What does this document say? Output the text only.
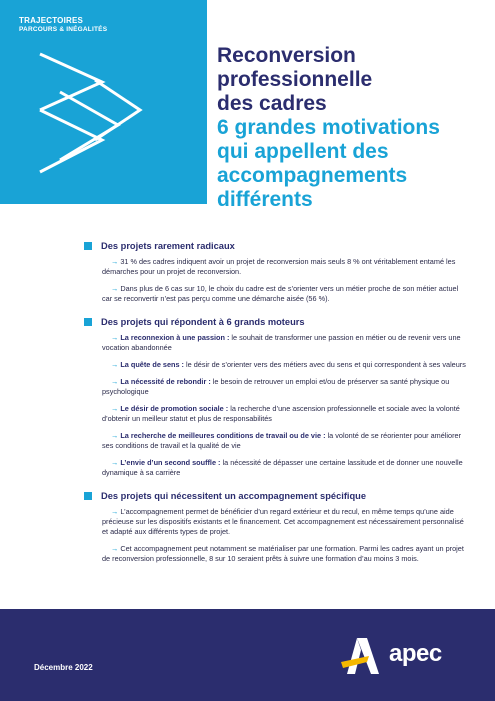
TRAJECTOIRES
PARCOURS & INÉGALITÉS
Reconversion
professionnelle
des cadres
6 grandes motivations
qui appellent des
accompagnements
différents
Des projets rarement radicaux
→ 31 % des cadres indiquent avoir un projet de reconversion mais seuls 8 % ont véritablement entamé les démarches pour un projet de reconversion.
→ Dans plus de 6 cas sur 10, le choix du cadre est de s’orienter vers un métier proche de son métier actuel car se reconvertir n’est pas perçu comme une démarche aisée (56 %).
Des projets qui répondent à 6 grands moteurs
→ La reconnexion à une passion : le souhait de transformer une passion en métier ou de revenir vers une vocation abandonnée
→ La quête de sens : le désir de s’orienter vers des métiers avec du sens et qui correspondent à ses valeurs
→ La nécessité de rebondir : le besoin de retrouver un emploi et/ou de préserver sa santé physique ou psychologique
→ Le désir de promotion sociale : la recherche d’une ascension professionnelle et sociale avec la volonté d’obtenir un meilleur statut et plus de responsabilités
→ La recherche de meilleures conditions de travail ou de vie : la volonté de se réorienter pour améliorer ses conditions de travail et la qualité de vie
→ L’envie d’un second souffle : la nécessité de dépasser une certaine lassitude et de donner une nouvelle dynamique à sa carrière
Des projets qui nécessitent un accompagnement spécifique
→ L’accompagnement permet de bénéficier d’un regard extérieur et du recul, en même temps qu’une aide précieuse sur les dispositifs existants et le financement. Cet accompagnement est nécessairement personnalisé et adapté aux différents types de projet.
→ Cet accompagnement peut notamment se matérialiser par une formation. Parmi les cadres ayant un projet de reconversion professionnelle, 8 sur 10 seraient prêts à suivre une formation d’au moins 3 mois.
Décembre 2022
apec
